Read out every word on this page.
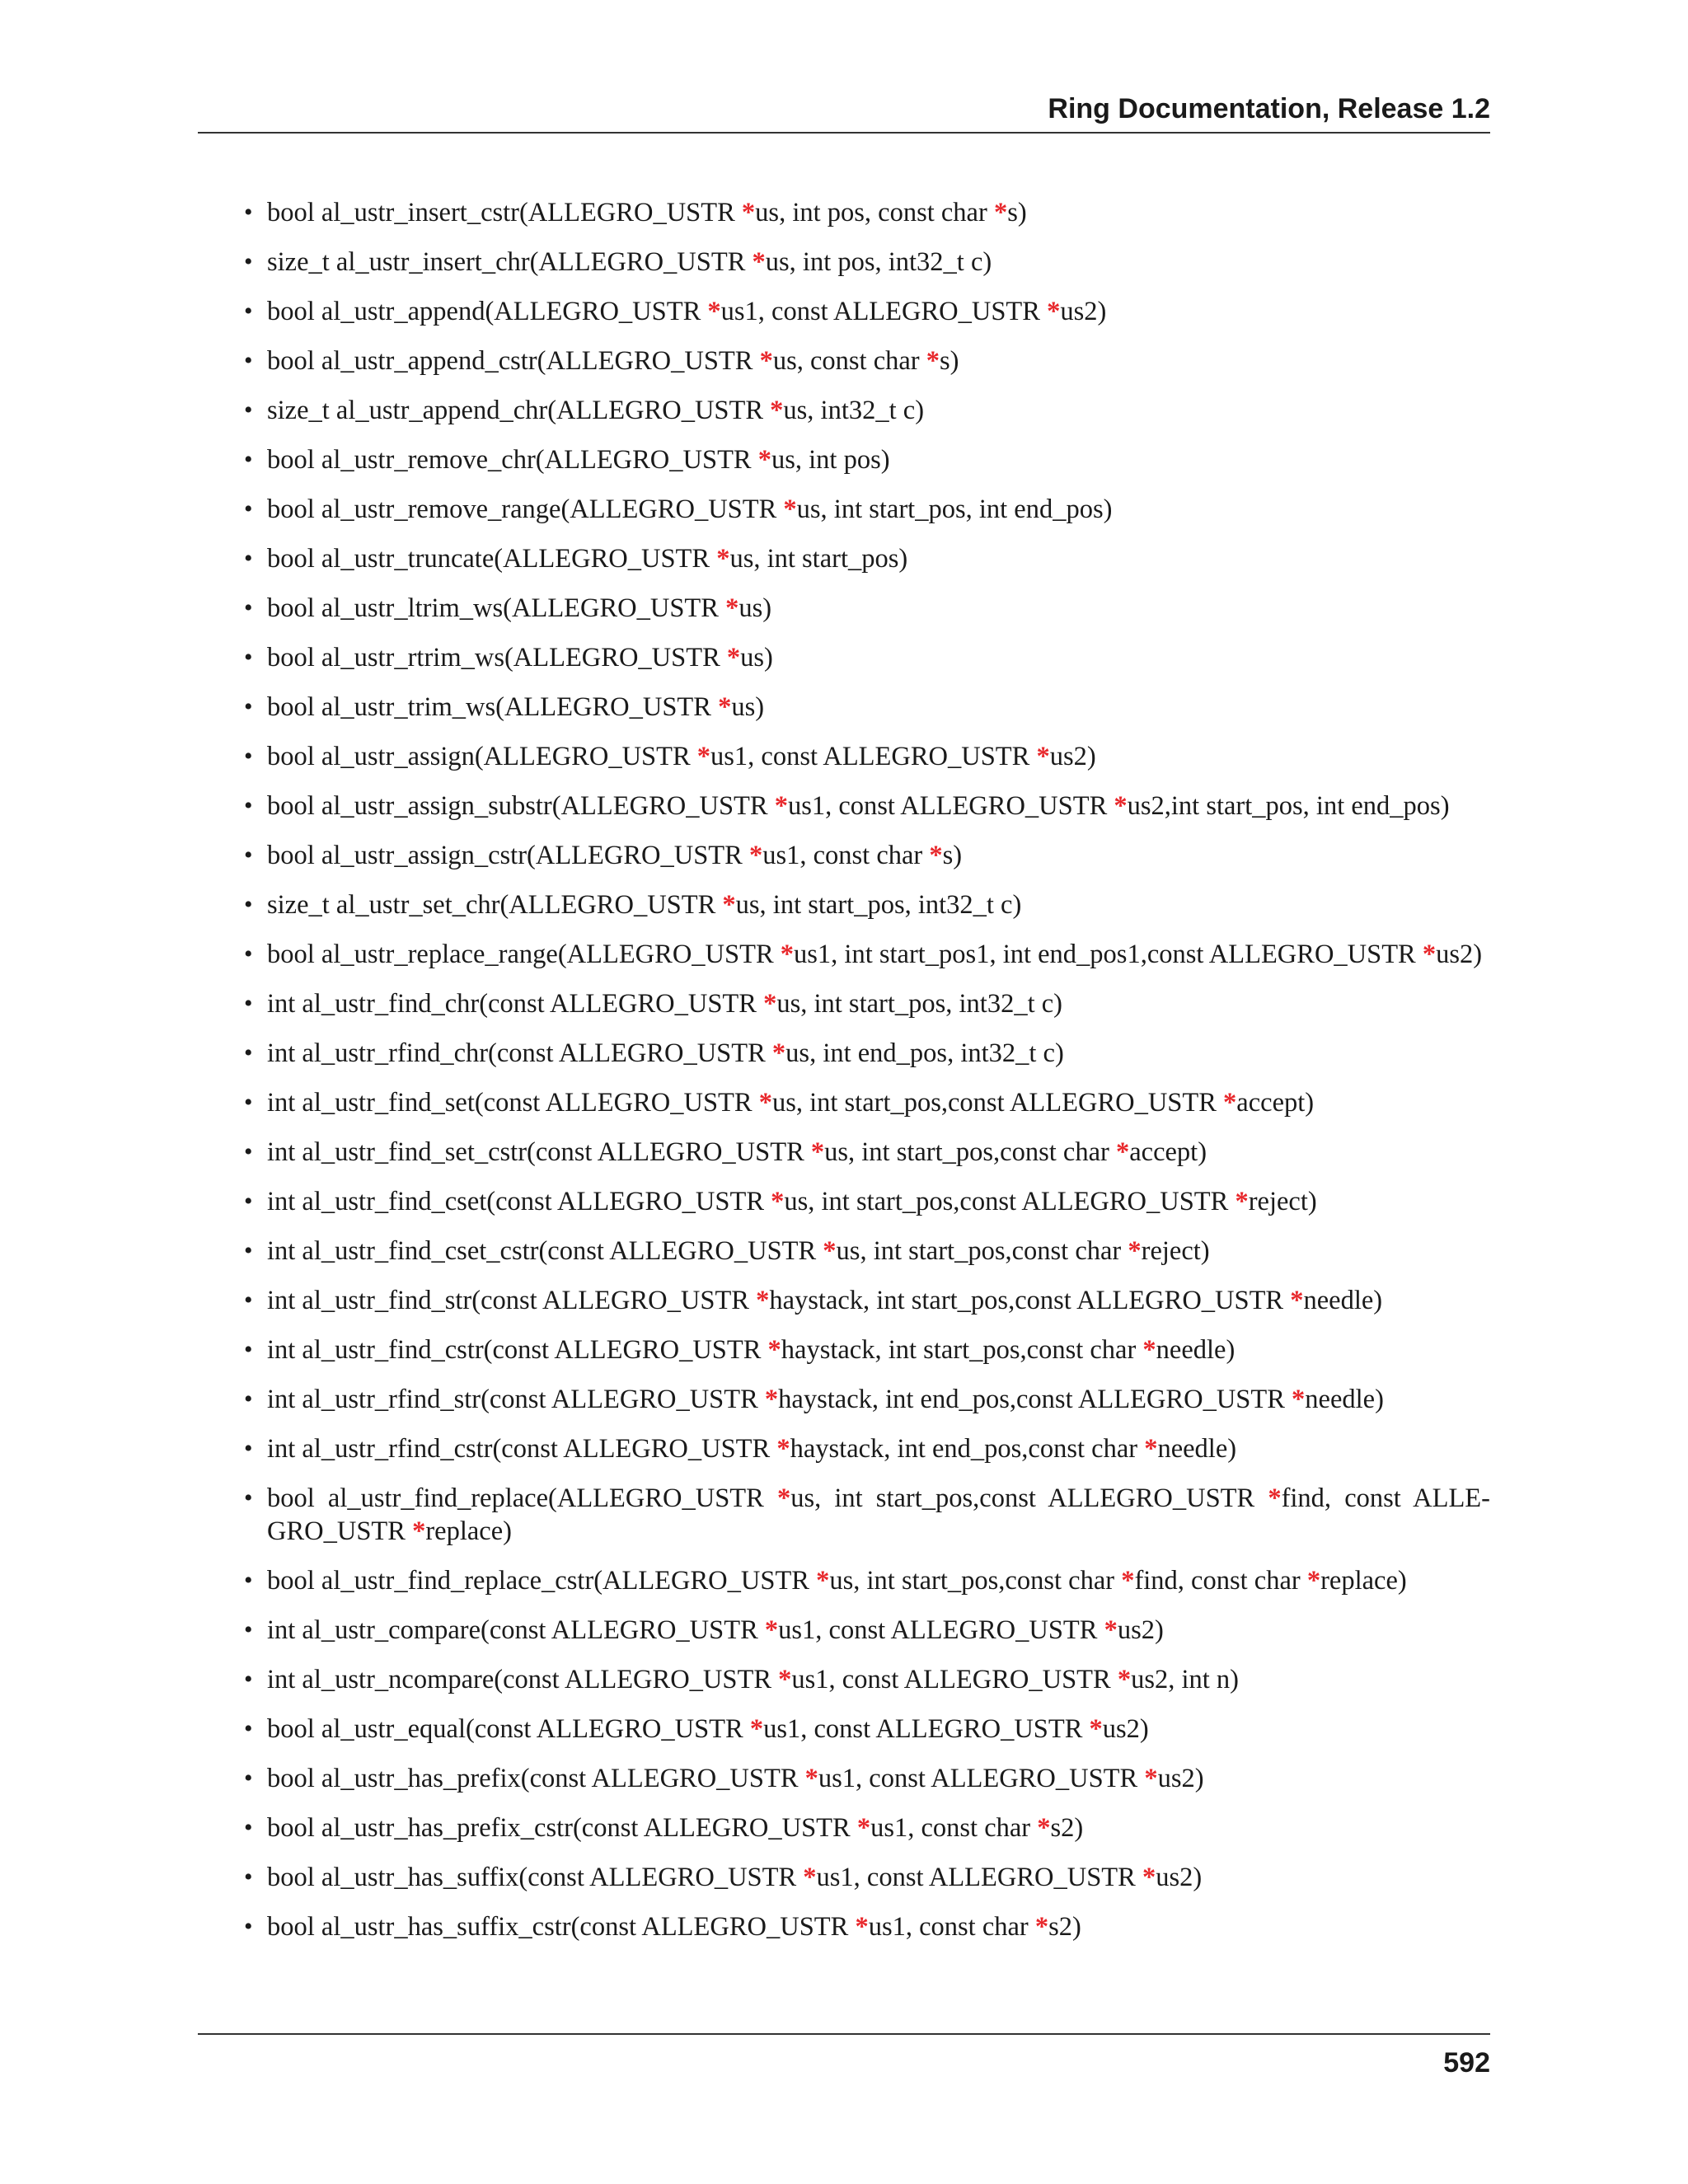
Ring Documentation, Release 1.2
• bool al_ustr_insert_cstr(ALLEGRO_USTR *us, int pos, const char *s)
• size_t al_ustr_insert_chr(ALLEGRO_USTR *us, int pos, int32_t c)
• bool al_ustr_append(ALLEGRO_USTR *us1, const ALLEGRO_USTR *us2)
• bool al_ustr_append_cstr(ALLEGRO_USTR *us, const char *s)
• size_t al_ustr_append_chr(ALLEGRO_USTR *us, int32_t c)
• bool al_ustr_remove_chr(ALLEGRO_USTR *us, int pos)
• bool al_ustr_remove_range(ALLEGRO_USTR *us, int start_pos, int end_pos)
• bool al_ustr_truncate(ALLEGRO_USTR *us, int start_pos)
• bool al_ustr_ltrim_ws(ALLEGRO_USTR *us)
• bool al_ustr_rtrim_ws(ALLEGRO_USTR *us)
• bool al_ustr_trim_ws(ALLEGRO_USTR *us)
• bool al_ustr_assign(ALLEGRO_USTR *us1, const ALLEGRO_USTR *us2)
• bool al_ustr_assign_substr(ALLEGRO_USTR *us1, const ALLEGRO_USTR *us2,int start_pos, int end_pos)
• bool al_ustr_assign_cstr(ALLEGRO_USTR *us1, const char *s)
• size_t al_ustr_set_chr(ALLEGRO_USTR *us, int start_pos, int32_t c)
• bool al_ustr_replace_range(ALLEGRO_USTR *us1, int start_pos1, int end_pos1,const ALLEGRO_USTR *us2)
• int al_ustr_find_chr(const ALLEGRO_USTR *us, int start_pos, int32_t c)
• int al_ustr_rfind_chr(const ALLEGRO_USTR *us, int end_pos, int32_t c)
• int al_ustr_find_set(const ALLEGRO_USTR *us, int start_pos,const ALLEGRO_USTR *accept)
• int al_ustr_find_set_cstr(const ALLEGRO_USTR *us, int start_pos,const char *accept)
• int al_ustr_find_cset(const ALLEGRO_USTR *us, int start_pos,const ALLEGRO_USTR *reject)
• int al_ustr_find_cset_cstr(const ALLEGRO_USTR *us, int start_pos,const char *reject)
• int al_ustr_find_str(const ALLEGRO_USTR *haystack, int start_pos,const ALLEGRO_USTR *needle)
• int al_ustr_find_cstr(const ALLEGRO_USTR *haystack, int start_pos,const char *needle)
• int al_ustr_rfind_str(const ALLEGRO_USTR *haystack, int end_pos,const ALLEGRO_USTR *needle)
• int al_ustr_rfind_cstr(const ALLEGRO_USTR *haystack, int end_pos,const char *needle)
• bool al_ustr_find_replace(ALLEGRO_USTR *us, int start_pos,const ALLEGRO_USTR *find, const ALLEGRO_USTR *replace)
• bool al_ustr_find_replace_cstr(ALLEGRO_USTR *us, int start_pos,const char *find, const char *replace)
• int al_ustr_compare(const ALLEGRO_USTR *us1, const ALLEGRO_USTR *us2)
• int al_ustr_ncompare(const ALLEGRO_USTR *us1, const ALLEGRO_USTR *us2, int n)
• bool al_ustr_equal(const ALLEGRO_USTR *us1, const ALLEGRO_USTR *us2)
• bool al_ustr_has_prefix(const ALLEGRO_USTR *us1, const ALLEGRO_USTR *us2)
• bool al_ustr_has_prefix_cstr(const ALLEGRO_USTR *us1, const char *s2)
• bool al_ustr_has_suffix(const ALLEGRO_USTR *us1, const ALLEGRO_USTR *us2)
• bool al_ustr_has_suffix_cstr(const ALLEGRO_USTR *us1, const char *s2)
592
